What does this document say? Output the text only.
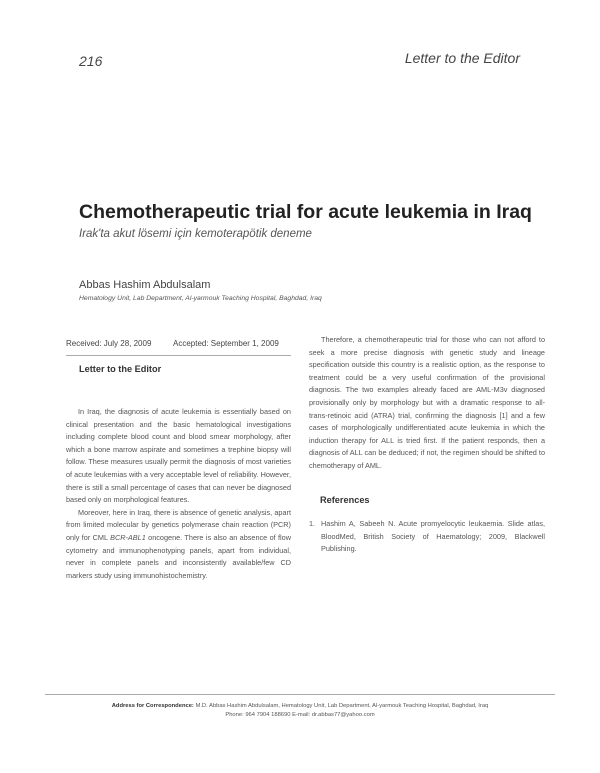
216	Letter to the Editor
Chemotherapeutic trial for acute leukemia in Iraq
Irak'ta akut lösemi için kemoterapötik deneme
Abbas Hashim Abdulsalam
Hematology Unit, Lab Department, Al-yarmouk Teaching Hospital, Baghdad, Iraq
Received: July 28, 2009	Accepted: September 1, 2009
Letter to the Editor

In Iraq, the diagnosis of acute leukemia is essentially based on clinical presentation and the basic hematological investigations including complete blood count and blood smear morphology, after which a bone marrow aspirate and sometimes a trephine biopsy will follow. These measures usually permit the diagnosis of most varieties of acute leukemias with a very acceptable level of reliability. However, there is still a small percentage of cases that can never be diagnosed based only on morphological features.

Moreover, here in Iraq, there is absence of genetic analysis, apart from limited molecular by genetics polymerase chain reaction (PCR) only for CML BCR-ABL1 oncogene. There is also an absence of flow cytometry and immunophenotyping panels, apart from individual, never in complete panels and inconsistently available/few CD markers study using immunohistochemistry.

Therefore, a chemotherapeutic trial for those who can not afford to seek a more precise diagnosis with genetic study and lineage specification outside this country is a realistic option, as the response to treatment could be a very useful confirmation of the provisional diagnosis. The two examples already faced are AML-M3v diagnosed provisionally only by morphology but with a dramatic response to all-trans-retinoic acid (ATRA) trial, confirming the diagnosis [1] and a few cases of morphologically undifferentiated acute leukemia in which the induction therapy for ALL is tried first. If the patient responds, then a diagnosis of ALL can be deduced; if not, the regimen should be shifted to chemotherapy of AML.

References
1. Hashim A, Sabeeh N. Acute promyelocytic leukaemia. Slide atlas, BloodMed, British Society of Haematology; 2009, Blackwell Publishing.
Address for Correspondence: M.D. Abbas Hashim Abdulsalam, Hematology Unit, Lab Department, Al-yarmouk Teaching Hospital, Baghdad, Iraq
Phone: 964 7904 188690 E-mail: dr.abbas77@yahoo.com
